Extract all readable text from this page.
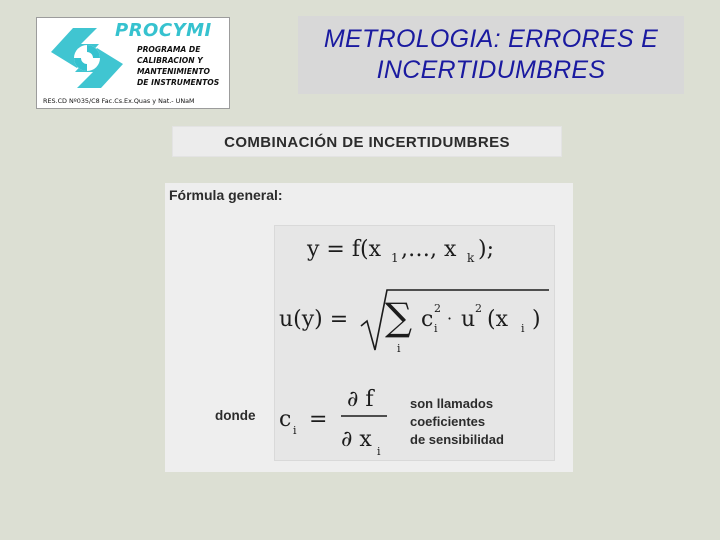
PROCYMI
PROGRAMA DE
CALIBRACION Y
MANTENIMIENTO
DE INSTRUMENTOS
RES.CD Nº035/C8 Fac.Cs.Ex.Quas y Nat.- UNaM
METROLOGIA: ERRORES E
INCERTIDUMBRES
COMBINACIÓN DE INCERTIDUMBRES
Fórmula general:
y = f(x 1 ,…, x k );
u(y) = ∑
i
c 2
i
· u 2 (x i )
c i =
∂ f
∂ x i
donde
son llamados
coeficientes
de sensibilidad
